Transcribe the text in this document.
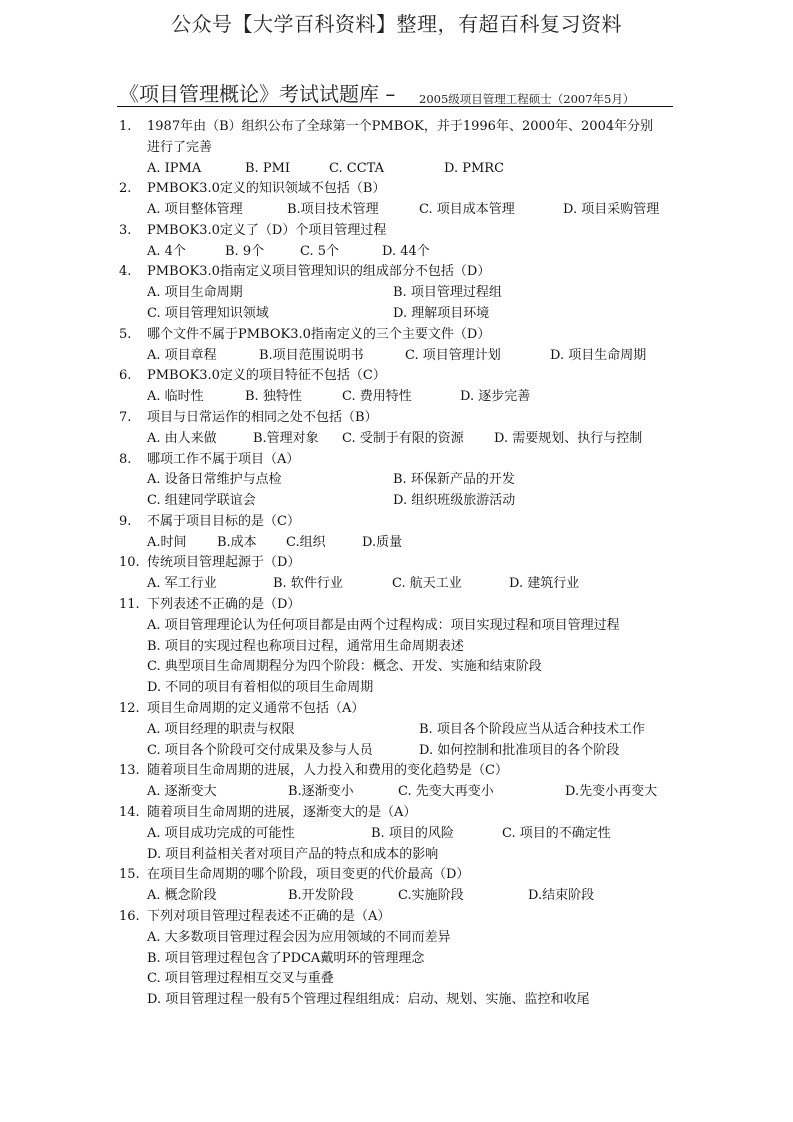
公众号【大学百科资料】整理，有超百科复习资料
《项目管理概论》考试试题库 – 2005级项目管理工程硕士（2007年5月）
1. 1987年由（B）组织公布了全球第一个PMBOK，并于1996年、2000年、2004年分别
进行了完善
A. IPMA	B. PMI	C. CCTA	D. PMRC
2. PMBOK3.0定义的知识领域不包括（B）
A. 项目整体管理	B.项目技术管理	C. 项目成本管理	D. 项目采购管理
3. PMBOK3.0定义了（D）个项目管理过程
A. 4个	B. 9个	C. 5个	D. 44个
4. PMBOK3.0指南定义项目管理知识的组成部分不包括（D）
A. 项目生命周期	B. 项目管理过程组
C. 项目管理知识领域	D. 理解项目环境
5. 哪个文件不属于PMBOK3.0指南定义的三个主要文件（D）
A. 项目章程	B.项目范围说明书	C. 项目管理计划	D. 项目生命周期
6. PMBOK3.0定义的项目特征不包括（C）
A. 临时性	B. 独特性	C. 费用特性	D. 逐步完善
7. 项目与日常运作的相同之处不包括（B）
A. 由人来做	B.管理对象 C. 受制于有限的资源 D. 需要规划、执行与控制
8. 哪项工作不属于项目（A）
A. 设备日常维护与点检	B. 环保新产品的开发
C. 组建同学联谊会	D. 组织班级旅游活动
9. 不属于项目目标的是（C）
A.时间 B.成本 C.组织	D.质量
10. 传统项目管理起源于（D）
A. 军工行业	B. 软件行业	C. 航天工业	D. 建筑行业
11. 下列表述不正确的是（D）
A. 项目管理理论认为任何项目都是由两个过程构成：项目实现过程和项目管理过程
B. 项目的实现过程也称项目过程，通常用生命周期表述
C. 典型项目生命周期程分为四个阶段：概念、开发、实施和结束阶段
D. 不同的项目有着相似的项目生命周期
12. 项目生命周期的定义通常不包括（A）
A. 项目经理的职责与权限	B. 项目各个阶段应当从适合种技术工作
C. 项目各个阶段可交付成果及参与人员	D. 如何控制和批准项目的各个阶段
13. 随着项目生命周期的进展，人力投入和费用的变化趋势是（C）
A. 逐渐变大	B.逐渐变小	C. 先变大再变小	D.先变小再变大
14. 随着项目生命周期的进展，逐渐变大的是（A）
A. 项目成功完成的可能性	B. 项目的风险	C. 项目的不确定性
D. 项目利益相关者对项目产品的特点和成本的影响
15. 在项目生命周期的哪个阶段，项目变更的代价最高（D）
A. 概念阶段	B.开发阶段	C.实施阶段	D.结束阶段
16. 下列对项目管理过程表述不正确的是（A）
A. 大多数项目管理过程会因为应用领域的不同而差异
B. 项目管理过程包含了PDCA戴明环的管理理念
C. 项目管理过程相互交叉与重叠
D. 项目管理过程一般有5个管理过程组组成：启动、规划、实施、监控和收尾
